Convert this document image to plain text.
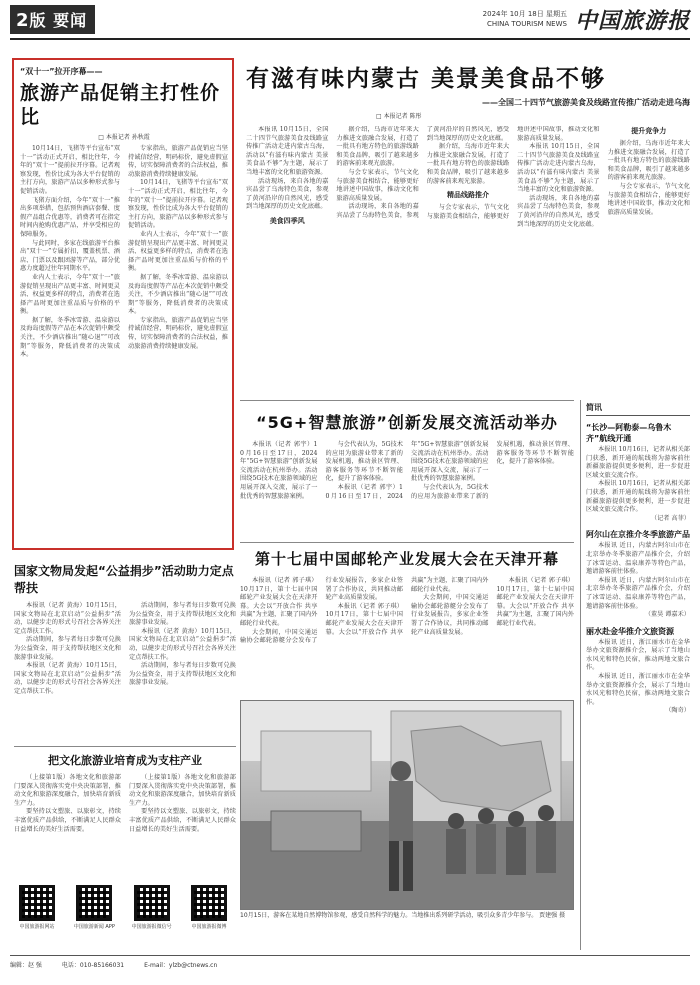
2版 要闻	2024年 10月 18日 星期五
CHINA TOURISM NEWS 中国旅游报
“双十一”拉开序幕——
旅游产品促销主打性价比
□ 本报记者 孙秋霞

10月14日，飞猪等平台宣布“双十一”活动正式开启，相比往年，今年的“双十一”提前拉开序幕。记者观察发现，性价比成为各大平台促销的主打方向，旅游产品以多种形式参与促销活动。

飞猪方面介绍，今年“双十一”推出多项举措，包括预售酒店套餐、度假产品组合优惠等，消费者可在指定时间内抢购优惠产品，并享受相应的保障服务。

与此同时，多家在线旅游平台推出“双十一”专属折扣，覆盖机票、酒店、门票以及跟团游等产品，部分优惠力度超过往年同期水平。

业内人士表示，今年“双十一”旅游促销呈现出产品更丰富、时间更灵活、权益更多样的特点，消费者在选择产品时更加注重品质与价格的平衡。

据了解，冬季冰雪游、温泉游以及海岛度假等产品在本次促销中颇受关注，不少酒店推出“随心退”“可改期”等服务，降低消费者的决策成本。

专家指出，旅游产品促销应当坚持诚信经营，明码标价，避免虚假宣传，切实保障消费者的合法权益，推动旅游消费持续健康发展。

10月14日，飞猪等平台宣布“双十一”活动正式开启，相比往年，今年的“双十一”提前拉开序幕。记者观察发现，性价比成为各大平台促销的主打方向，旅游产品以多种形式参与促销活动。

业内人士表示，今年“双十一”旅游促销呈现出产品更丰富、时间更灵活、权益更多样的特点，消费者在选择产品时更加注重品质与价格的平衡。

据了解，冬季冰雪游、温泉游以及海岛度假等产品在本次促销中颇受关注，不少酒店推出“随心退”“可改期”等服务，降低消费者的决策成本。

专家指出，旅游产品促销应当坚持诚信经营，明码标价，避免虚假宣传，切实保障消费者的合法权益，推动旅游消费持续健康发展。

有滋有味内蒙古 美景美食品不够
——全国二十四节气旅游美食及线路宣传推广活动走进乌海
□ 本报记者 陈彤

本报讯 10月15日，全国二十四节气旅游美食及线路宣传推广活动走进内蒙古乌海，活动以“有滋有味内蒙古 美景美食品不够”为主题，展示了当地丰富的文化和旅游资源。

活动现场，来自各地的嘉宾品尝了乌海特色美食，参观了黄河沿岸的自然风光，感受到当地深厚的历史文化底蕴。

美食四季风

据介绍，乌海市近年来大力推进文旅融合发展，打造了一批具有地方特色的旅游线路和美食品牌，吸引了越来越多的游客前来观光旅游。

与会专家表示，节气文化与旅游美食相结合，能够更好地讲述中国故事，推动文化和旅游高质量发展。

活动现场，来自各地的嘉宾品尝了乌海特色美食，参观了黄河沿岸的自然风光，感受到当地深厚的历史文化底蕴。

据介绍，乌海市近年来大力推进文旅融合发展，打造了一批具有地方特色的旅游线路和美食品牌，吸引了越来越多的游客前来观光旅游。

精品线路推介

与会专家表示，节气文化与旅游美食相结合，能够更好地讲述中国故事，推动文化和旅游高质量发展。

本报讯 10月15日，全国二十四节气旅游美食及线路宣传推广活动走进内蒙古乌海，活动以“有滋有味内蒙古 美景美食品不够”为主题，展示了当地丰富的文化和旅游资源。

活动现场，来自各地的嘉宾品尝了乌海特色美食，参观了黄河沿岸的自然风光，感受到当地深厚的历史文化底蕴。

提升竞争力

据介绍，乌海市近年来大力推进文旅融合发展，打造了一批具有地方特色的旅游线路和美食品牌，吸引了越来越多的游客前来观光旅游。

与会专家表示，节气文化与旅游美食相结合，能够更好地讲述中国故事，推动文化和旅游高质量发展。

简讯
“长沙—阿勒泰—乌鲁木齐”航线开通

本报讯 10月16日，记者从相关部门获悉，新开通的航线将为游客前往新疆旅游提供更多便利，进一步促进区域文旅交流合作。

本报讯 10月16日，记者从相关部门获悉，新开通的航线将为游客前往新疆旅游提供更多便利，进一步促进区域文旅交流合作。

（记者 高菲）

阿尔山在京推介冬季旅游产品

本报讯 近日，内蒙古阿尔山市在北京举办冬季旅游产品推介会，介绍了冰雪运动、温泉康养等特色产品，邀请游客前往体验。

本报讯 近日，内蒙古阿尔山市在北京举办冬季旅游产品推介会，介绍了冰雪运动、温泉康养等特色产品，邀请游客前往体验。

（董昊 谭嘉禾）

丽水赴金华推介文旅资源

本报讯 近日，浙江丽水市在金华举办文旅资源推介会，展示了当地山水风光和特色民宿，推动两地文旅合作。

本报讯 近日，浙江丽水市在金华举办文旅资源推介会，展示了当地山水风光和特色民宿，推动两地文旅合作。

（陶奇）

“5G+智慧旅游”创新发展交流活动举办

本报讯（记者 郭宇）10月16日至17日，2024年“5G+智慧旅游”创新发展交流活动在杭州举办。活动围绕5G技术在旅游领域的应用展开深入交流，展示了一批优秀的智慧旅游案例。

与会代表认为，5G技术的应用为旅游业带来了新的发展机遇，推动景区管理、游客服务等环节不断智能化，提升了游客体验。

本报讯（记者 郭宇）10月16日至17日，2024年“5G+智慧旅游”创新发展交流活动在杭州举办。活动围绕5G技术在旅游领域的应用展开深入交流，展示了一批优秀的智慧旅游案例。

与会代表认为，5G技术的应用为旅游业带来了新的发展机遇，推动景区管理、游客服务等环节不断智能化，提升了游客体验。

第十七届中国邮轮产业发展大会在天津开幕

本报讯（记者 郭子琪）10月17日，第十七届中国邮轮产业发展大会在天津开幕。大会以“开放合作 共享共赢”为主题，汇聚了国内外邮轮行业代表。

大会期间，中国交通运输协会邮轮游艇分会发布了行业发展报告，多家企业签署了合作协议，共同推动邮轮产业高质量发展。

本报讯（记者 郭子琪）10月17日，第十七届中国邮轮产业发展大会在天津开幕。大会以“开放合作 共享共赢”为主题，汇聚了国内外邮轮行业代表。

大会期间，中国交通运输协会邮轮游艇分会发布了行业发展报告，多家企业签署了合作协议，共同推动邮轮产业高质量发展。

本报讯（记者 郭子琪）10月17日，第十七届中国邮轮产业发展大会在天津开幕。大会以“开放合作 共享共赢”为主题，汇聚了国内外邮轮行业代表。

国家文物局发起“公益捐步”活动助力定点帮扶

本报讯（记者 黄海）10月15日，国家文物局在北京启动“公益捐步”活动，以健步走的形式号召社会各界关注定点帮扶工作。

活动期间，参与者每日步数可兑换为公益资金，用于支持帮扶地区文化和旅游事业发展。

本报讯（记者 黄海）10月15日，国家文物局在北京启动“公益捐步”活动，以健步走的形式号召社会各界关注定点帮扶工作。

活动期间，参与者每日步数可兑换为公益资金，用于支持帮扶地区文化和旅游事业发展。

本报讯（记者 黄海）10月15日，国家文物局在北京启动“公益捐步”活动，以健步走的形式号召社会各界关注定点帮扶工作。

活动期间，参与者每日步数可兑换为公益资金，用于支持帮扶地区文化和旅游事业发展。

把文化旅游业培育成为支柱产业

（上接第1版）各地文化和旅游部门要深入贯彻落实党中央决策部署，推动文化和旅游深度融合，加快培育新质生产力。

要坚持以文塑旅、以旅彰文，持续丰富优质产品供给，不断满足人民群众日益增长的美好生活需要。

（上接第1版）各地文化和旅游部门要深入贯彻落实党中央决策部署，推动文化和旅游深度融合，加快培育新质生产力。

要坚持以文塑旅、以旅彰文，持续丰富优质产品供给，不断满足人民群众日益增长的美好生活需要。

10月15日，游客在某地自然博物馆参观，感受自然科学的魅力。当地推出系列研学活动，吸引众多青少年参与。 贾建强 摄
中国旅游报网站	中国旅游新闻 APP	中国旅游报微信号	中国旅游报微博
编辑：赵 强	电话：010-85166031	E-mail：ylzb@ctnews.cn
